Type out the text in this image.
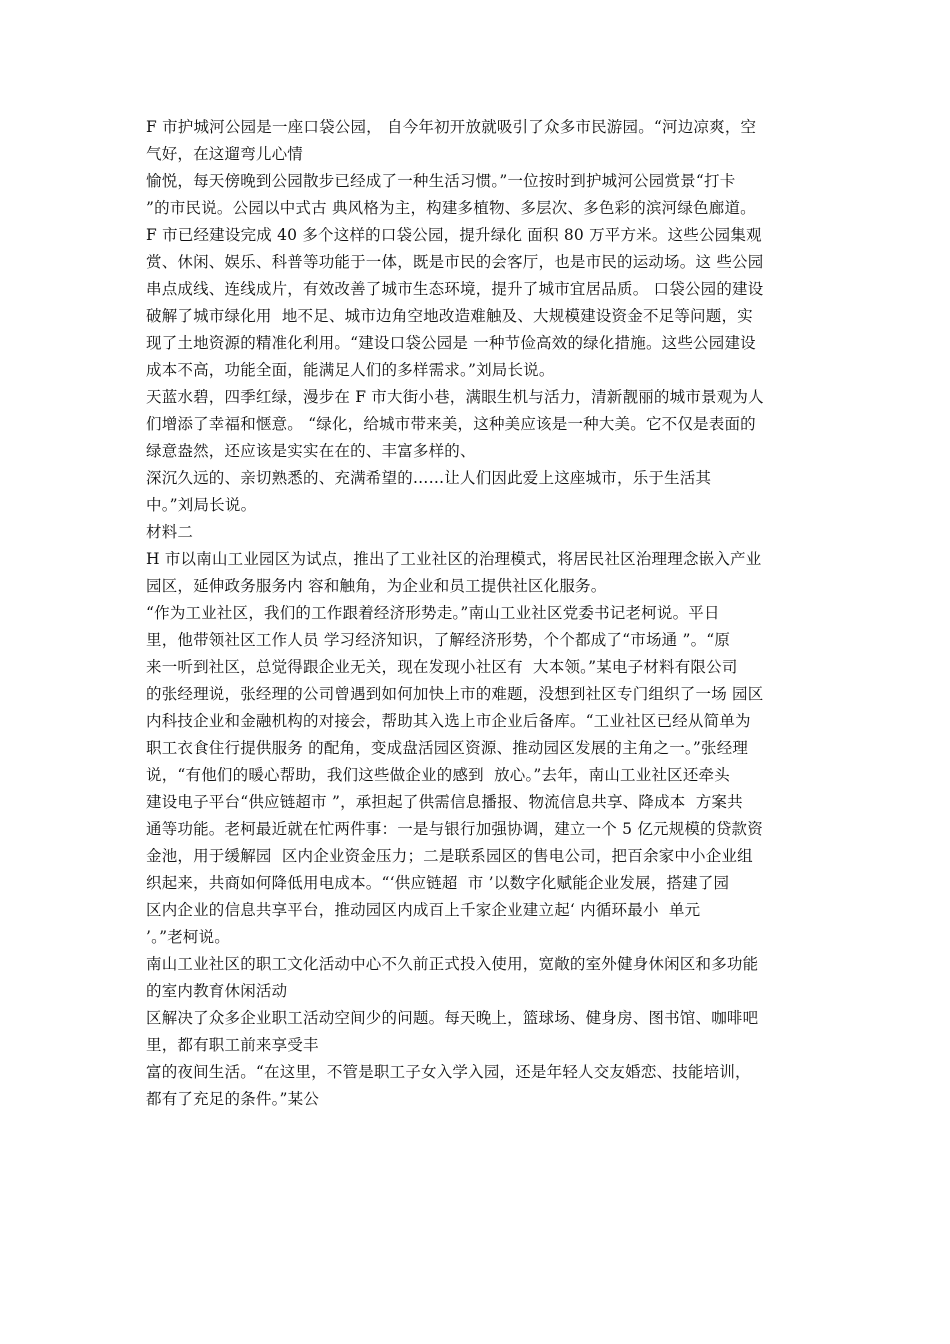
F 市护城河公园是一座口袋公园， 自今年初开放就吸引了众多市民游园。“河边凉爽，空
气好，在这遛弯儿心情
愉悦，每天傍晚到公园散步已经成了一种生活习惯。”一位按时到护城河公园赏景“打卡
”的市民说。公园以中式古 典风格为主，构建多植物、多层次、多色彩的滨河绿色廊道。
F 市已经建设完成 40 多个这样的口袋公园，提升绿化 面积 80 万平方米。这些公园集观
赏、休闲、娱乐、科普等功能于一体，既是市民的会客厅，也是市民的运动场。这 些公园
串点成线、连线成片，有效改善了城市生态环境，提升了城市宜居品质。 口袋公园的建设
破解了城市绿化用  地不足、城市边角空地改造难触及、大规模建设资金不足等问题，实
现了土地资源的精准化利用。“建设口袋公园是 一种节俭高效的绿化措施。这些公园建设
成本不高，功能全面，能满足人们的多样需求。”刘局长说。
天蓝水碧，四季红绿，漫步在 F 市大街小巷，满眼生机与活力，清新靓丽的城市景观为人
们增添了幸福和惬意。 “绿化，给城市带来美，这种美应该是一种大美。它不仅是表面的
绿意盎然，还应该是实实在在的、丰富多样的、
深沉久远的、亲切熟悉的、充满希望的……让人们因此爱上这座城市，乐于生活其
中。”刘局长说。
材料二
H 市以南山工业园区为试点，推出了工业社区的治理模式，将居民社区治理理念嵌入产业
园区，延伸政务服务内 容和触角，为企业和员工提供社区化服务。
“作为工业社区，我们的工作跟着经济形势走。”南山工业社区党委书记老柯说。平日
里，他带领社区工作人员 学习经济知识，了解经济形势，个个都成了“市场通 ”。“原
来一听到社区，总觉得跟企业无关，现在发现小社区有  大本领。”某电子材料有限公司
的张经理说，张经理的公司曾遇到如何加快上市的难题，没想到社区专门组织了一场 园区
内科技企业和金融机构的对接会，帮助其入选上市企业后备库。“工业社区已经从简单为
职工衣食住行提供服务 的配角，变成盘活园区资源、推动园区发展的主角之一。”张经理
说，“有他们的暖心帮助，我们这些做企业的感到  放心。”去年，南山工业社区还牵头
建设电子平台“供应链超市 ”，承担起了供需信息播报、物流信息共享、降成本  方案共
通等功能。老柯最近就在忙两件事：一是与银行加强协调，建立一个 5 亿元规模的贷款资
金池，用于缓解园  区内企业资金压力；二是联系园区的售电公司，把百余家中小企业组
织起来，共商如何降低用电成本。“‘供应链超  市 ’以数字化赋能企业发展，搭建了园
区内企业的信息共享平台，推动园区内成百上千家企业建立起‘ 内循环最小  单元
’。”老柯说。
南山工业社区的职工文化活动中心不久前正式投入使用，宽敞的室外健身休闲区和多功能
的室内教育休闲活动
区解决了众多企业职工活动空间少的问题。每天晚上，篮球场、健身房、图书馆、咖啡吧
里，都有职工前来享受丰
富的夜间生活。“在这里，不管是职工子女入学入园，还是年轻人交友婚恋、技能培训，
都有了充足的条件。”某公
